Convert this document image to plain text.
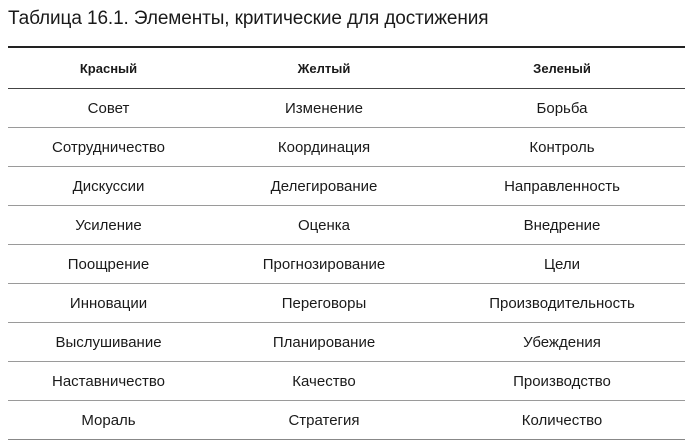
Таблица 16.1. Элементы, критические для достижения
Красный	Желтый	Зеленый
Совет	Изменение	Борьба
Сотрудничество	Координация	Контроль
Дискуссии	Делегирование	Направленность
Усиление	Оценка	Внедрение
Поощрение	Прогнозирование	Цели
Инновации	Переговоры	Производительность
Выслушивание	Планирование	Убеждения
Наставничество	Качество	Производство
Мораль	Стратегия	Количество
